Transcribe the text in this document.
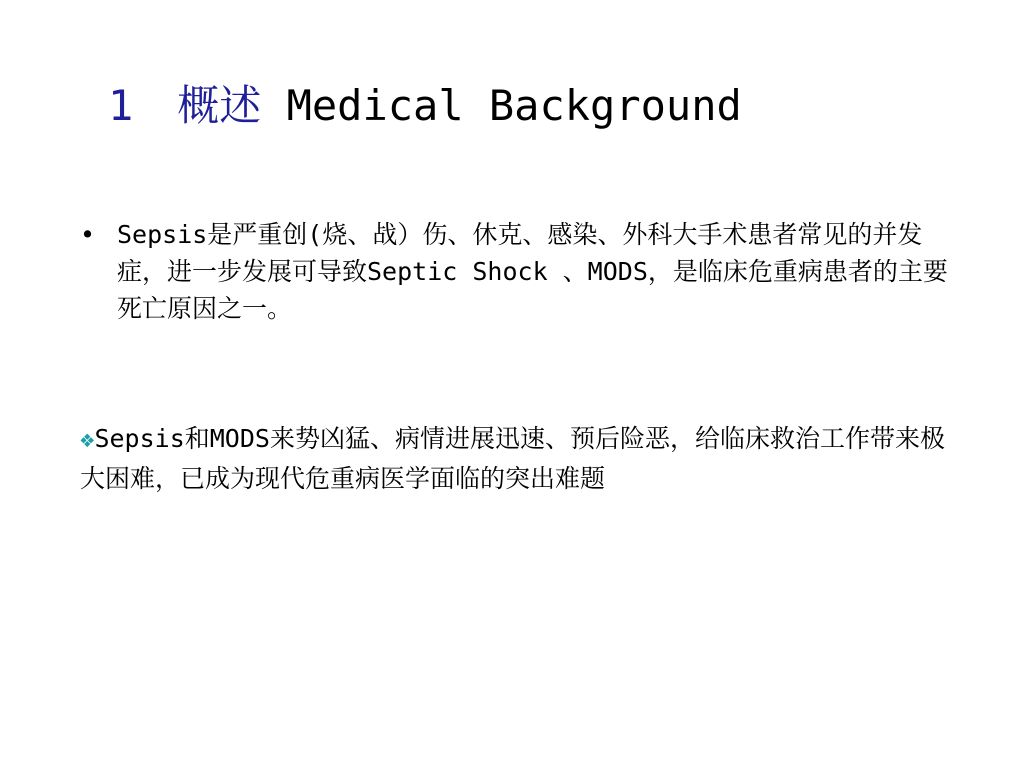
1 概述 Medical Background
• Sepsis是严重创(烧、战）伤、休克、感染、外科大手术患者常见的并发症，进一步发展可导致Septic Shock 、MODS，是临床危重病患者的主要死亡原因之一。
❖Sepsis和MODS来势凶猛、病情进展迅速、预后险恶，给临床救治工作带来极大困难，已成为现代危重病医学面临的突出难题
